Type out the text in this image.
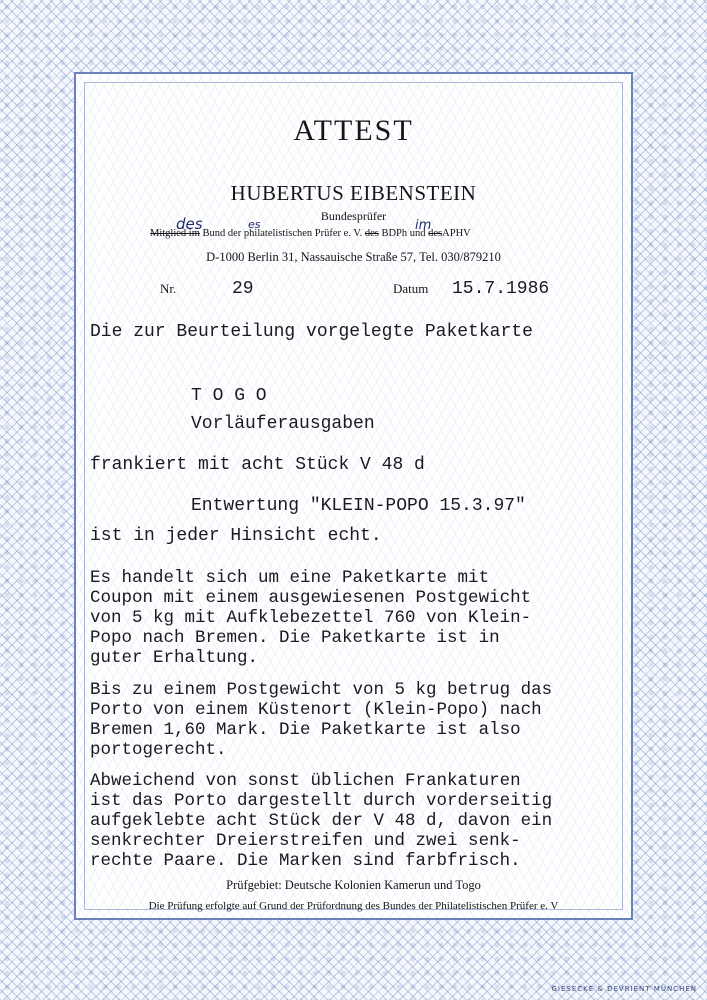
ATTEST
HUBERTUS EIBENSTEIN
Bundesprüfer
des	es	im
Mitglied im Bund der philatelistischen Prüfer e. V. des BDPh und desAPHV
D-1000 Berlin 31, Nassauische Straße 57, Tel. 030/879210
Nr.	29	Datum 15.7.1986
Die zur Beurteilung vorgelegte Paketkarte
T O G O
Vorläuferausgaben
frankiert mit acht Stück V 48 d
Entwertung "KLEIN-POPO 15.3.97"
ist in jeder Hinsicht echt.
Es handelt sich um eine Paketkarte mit
Coupon mit einem ausgewiesenen Postgewicht
von 5 kg mit Aufklebezettel 760 von Klein-
Popo nach Bremen. Die Paketkarte ist in
guter Erhaltung.
Bis zu einem Postgewicht von 5 kg betrug das
Porto von einem Küstenort (Klein-Popo) nach
Bremen 1,60 Mark. Die Paketkarte ist also
portogerecht.
Abweichend von sonst üblichen Frankaturen
ist das Porto dargestellt durch vorderseitig
aufgeklebte acht Stück der V 48 d, davon ein
senkrechter Dreierstreifen und zwei senk-
rechte Paare. Die Marken sind farbfrisch.
Prüfgebiet: Deutsche Kolonien Kamerun und Togo
Die Prüfung erfolgte auf Grund der Prüfordnung des Bundes der Philatelistischen Prüfer e. V
GIESECKE & DEVRIENT MÜNCHEN
